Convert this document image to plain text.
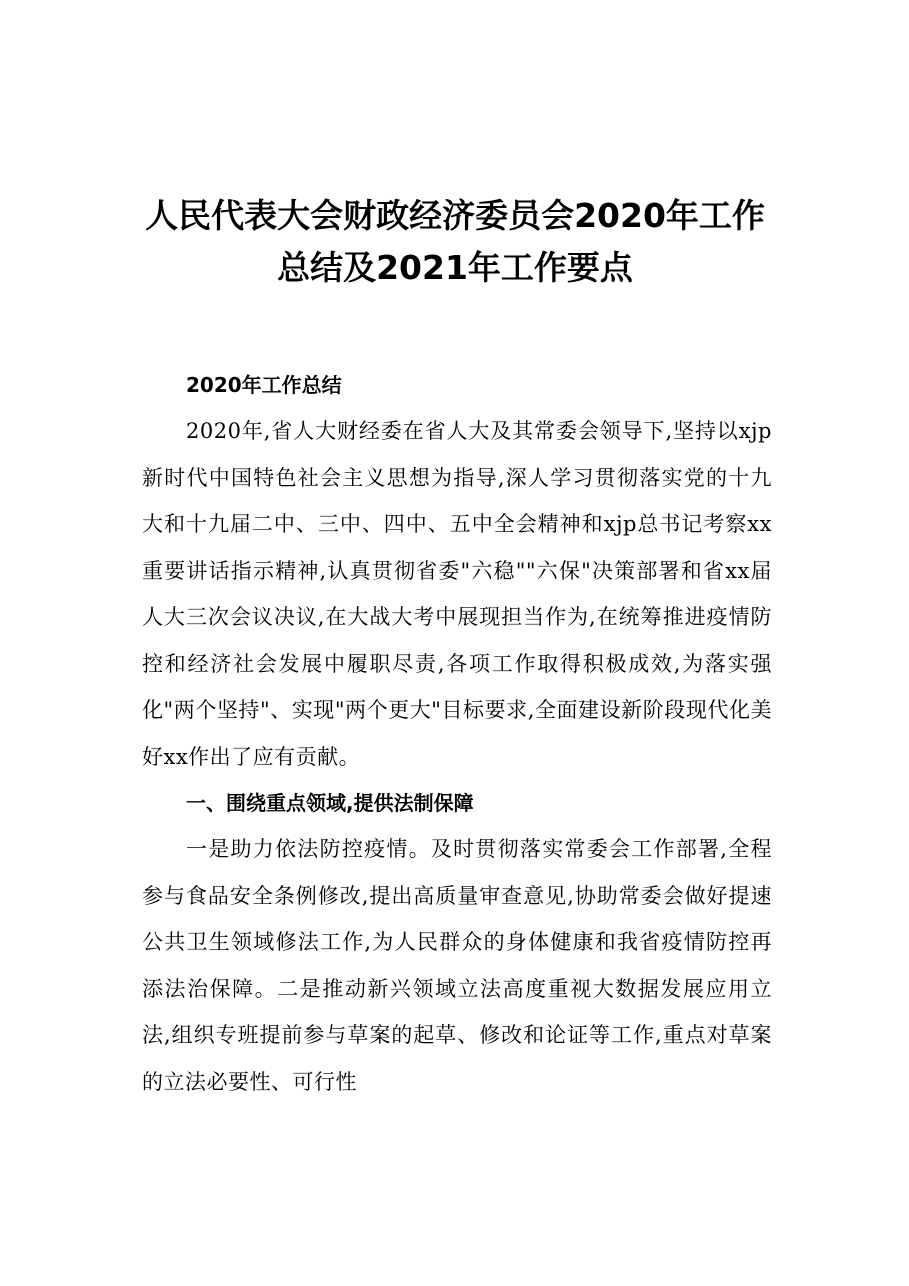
人民代表大会财政经济委员会2020年工作
总结及2021年工作要点
2020年工作总结

2020年,省人大财经委在省人大及其常委会领导下,坚持以xjp新时代中国特色社会主义思想为指导,深人学习贯彻落实党的十九大和十九届二中、三中、四中、五中全会精神和xjp总书记考察xx重要讲话指示精神,认真贯彻省委"六稳""六保"决策部署和省xx届人大三次会议决议,在大战大考中展现担当作为,在统筹推进疫情防控和经济社会发展中履职尽责,各项工作取得积极成效,为落实强化"两个坚持"、实现"两个更大"目标要求,全面建设新阶段现代化美好xx作出了应有贡献。

一、围绕重点领域,提供法制保障

一是助力依法防控疫情。及时贯彻落实常委会工作部署,全程参与食品安全条例修改,提出高质量审查意见,协助常委会做好提速公共卫生领域修法工作,为人民群众的身体健康和我省疫情防控再添法治保障。二是推动新兴领域立法高度重视大数据发展应用立法,组织专班提前参与草案的起草、修改和论证等工作,重点对草案的立法必要性、可行性
